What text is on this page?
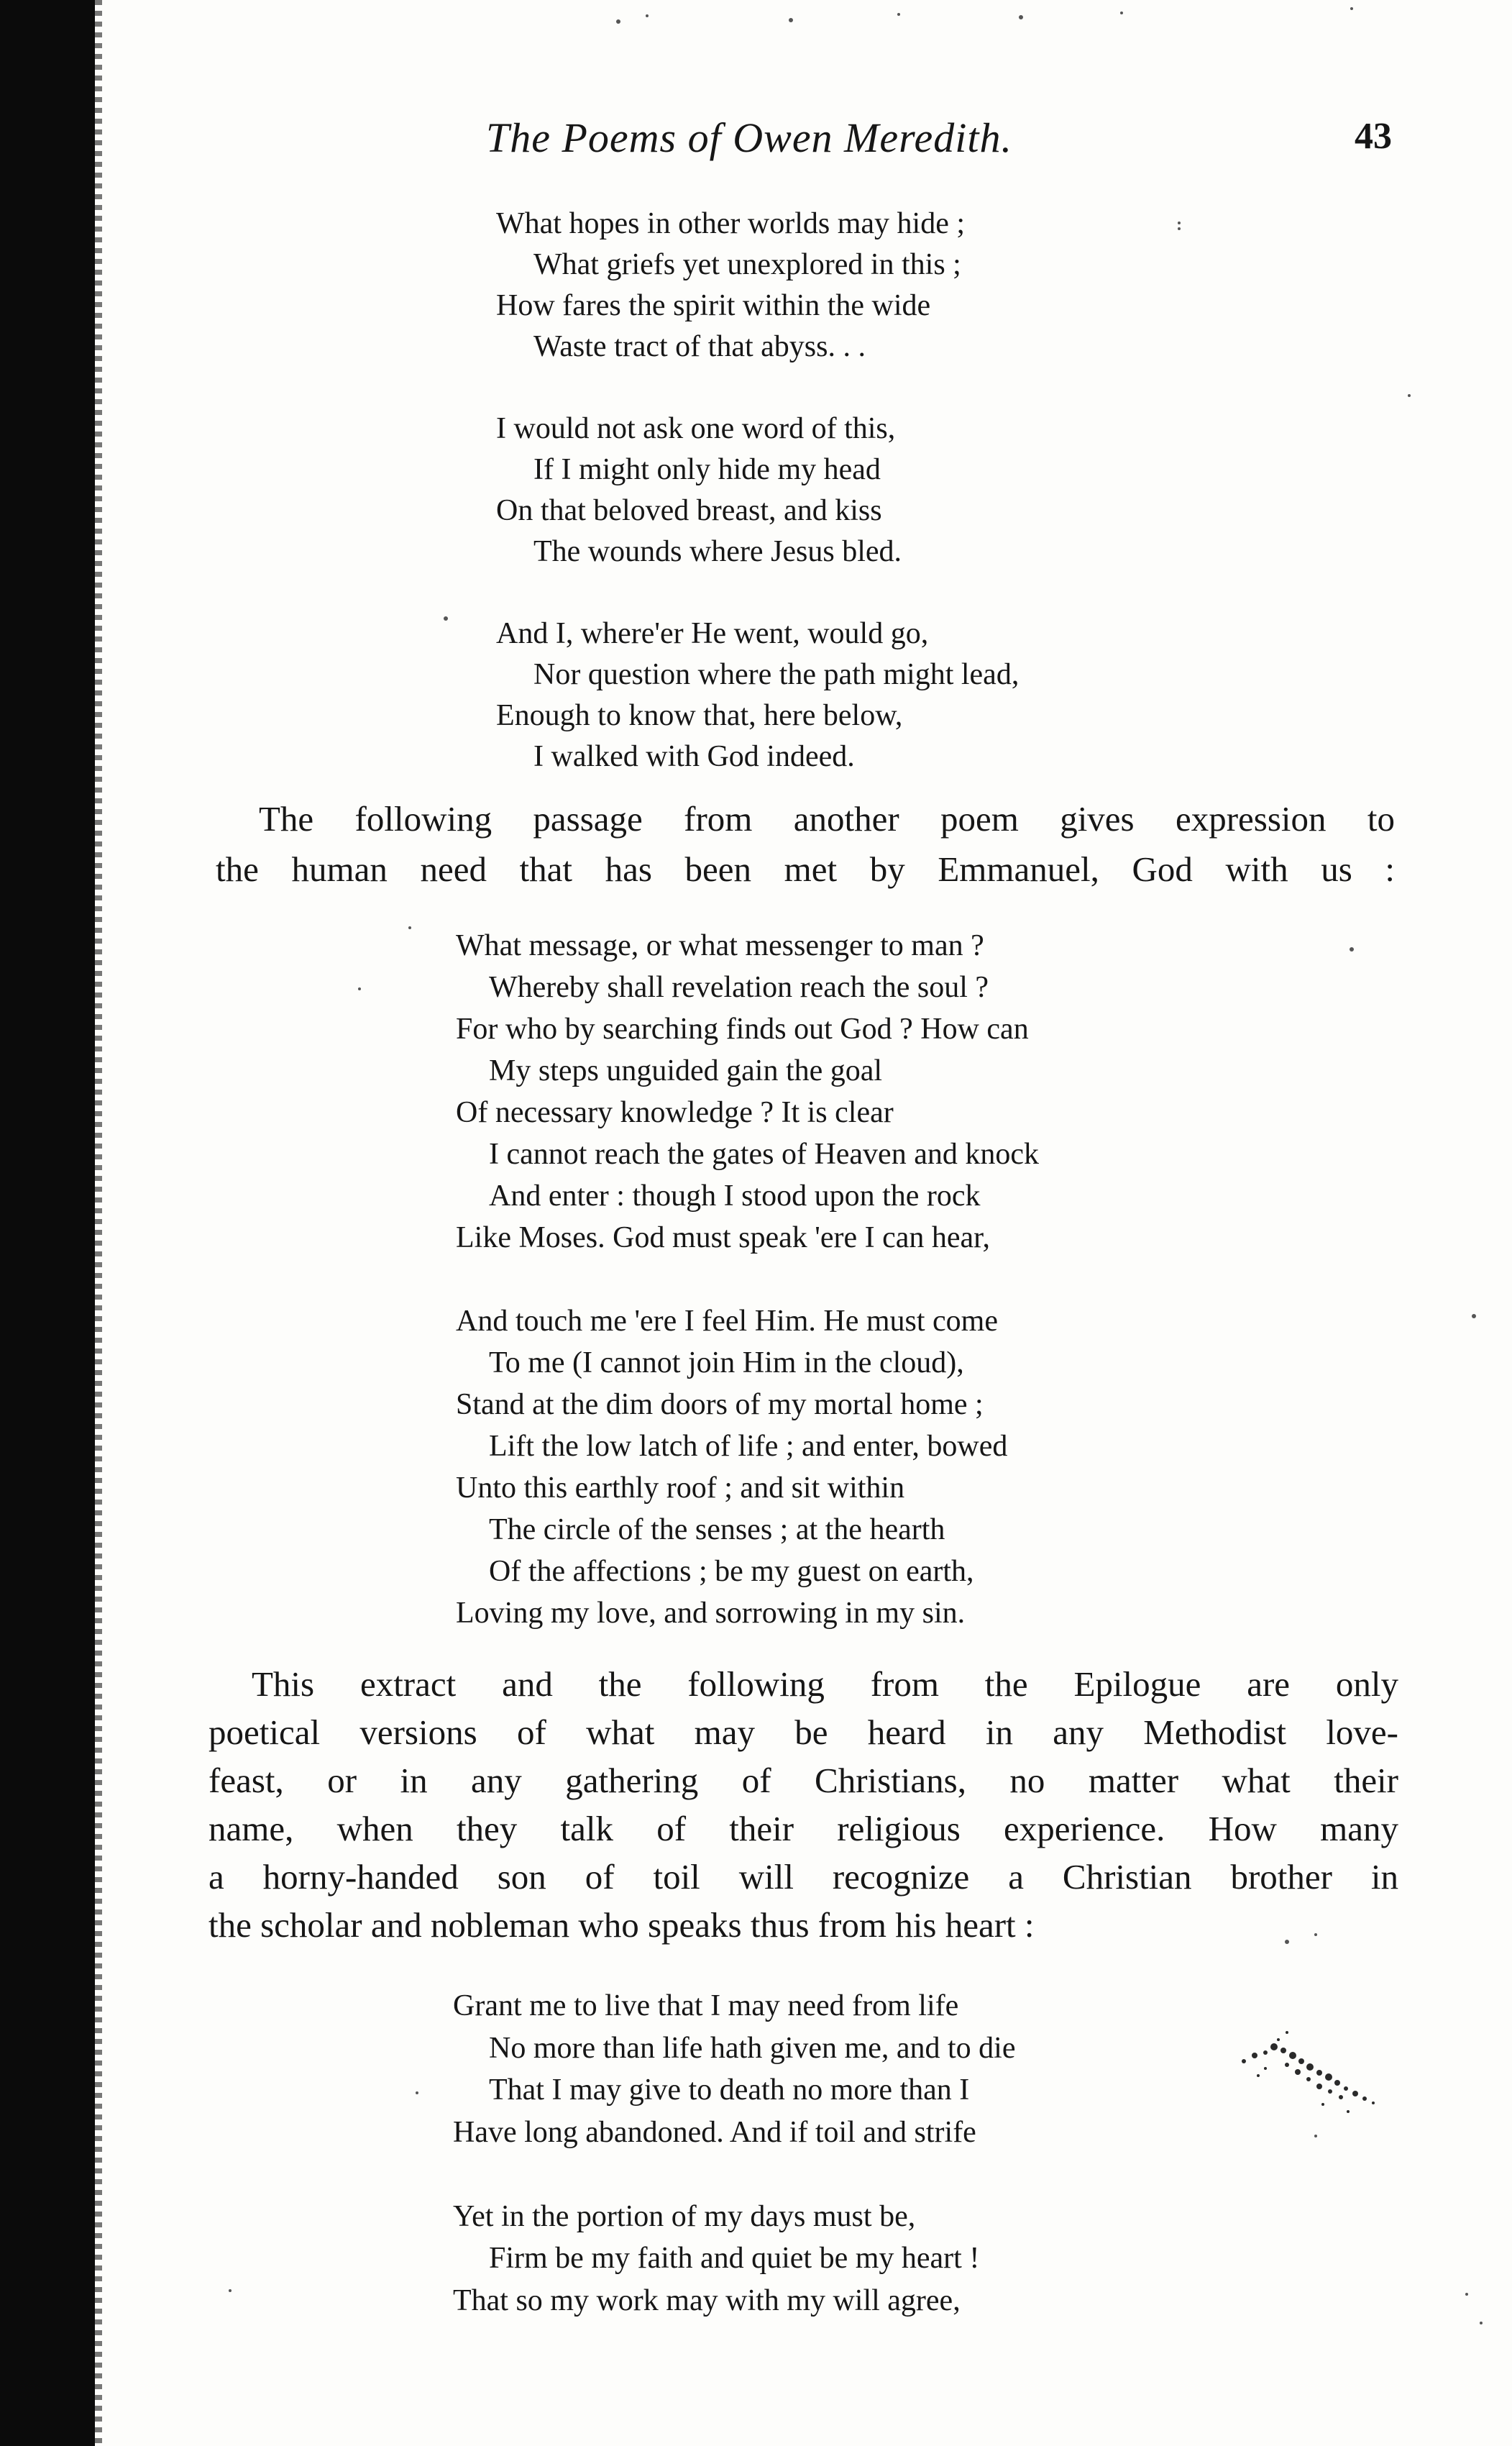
The Poems of Owen Meredith.	43
What hopes in other worlds may hide ;
What griefs yet unexplored in this ;
How fares the spirit within the wide
Waste tract of that abyss. . .
I would not ask one word of this,
If I might only hide my head
On that beloved breast, and kiss
The wounds where Jesus bled.
And I, where'er He went, would go,
Nor question where the path might lead,
Enough to know that, here below,
I walked with God indeed.
The following passage from another poem gives expression to
the human need that has been met by Emmanuel, God with us :
What message, or what messenger to man ?
Whereby shall revelation reach the soul ?
For who by searching finds out God ? How can
My steps unguided gain the goal
Of necessary knowledge ? It is clear
I cannot reach the gates of Heaven and knock
And enter : though I stood upon the rock
Like Moses. God must speak 'ere I can hear,
And touch me 'ere I feel Him. He must come
To me (I cannot join Him in the cloud),
Stand at the dim doors of my mortal home ;
Lift the low latch of life ; and enter, bowed
Unto this earthly roof ; and sit within
The circle of the senses ; at the hearth
Of the affections ; be my guest on earth,
Loving my love, and sorrowing in my sin.
This extract and the following from the Epilogue are only
poetical versions of what may be heard in any Methodist love-
feast, or in any gathering of Christians, no matter what their
name, when they talk of their religious experience. How many
a horny-handed son of toil will recognize a Christian brother in
the scholar and nobleman who speaks thus from his heart :
Grant me to live that I may need from life
No more than life hath given me, and to die
That I may give to death no more than I
Have long abandoned. And if toil and strife
Yet in the portion of my days must be,
Firm be my faith and quiet be my heart !
That so my work may with my will agree,
